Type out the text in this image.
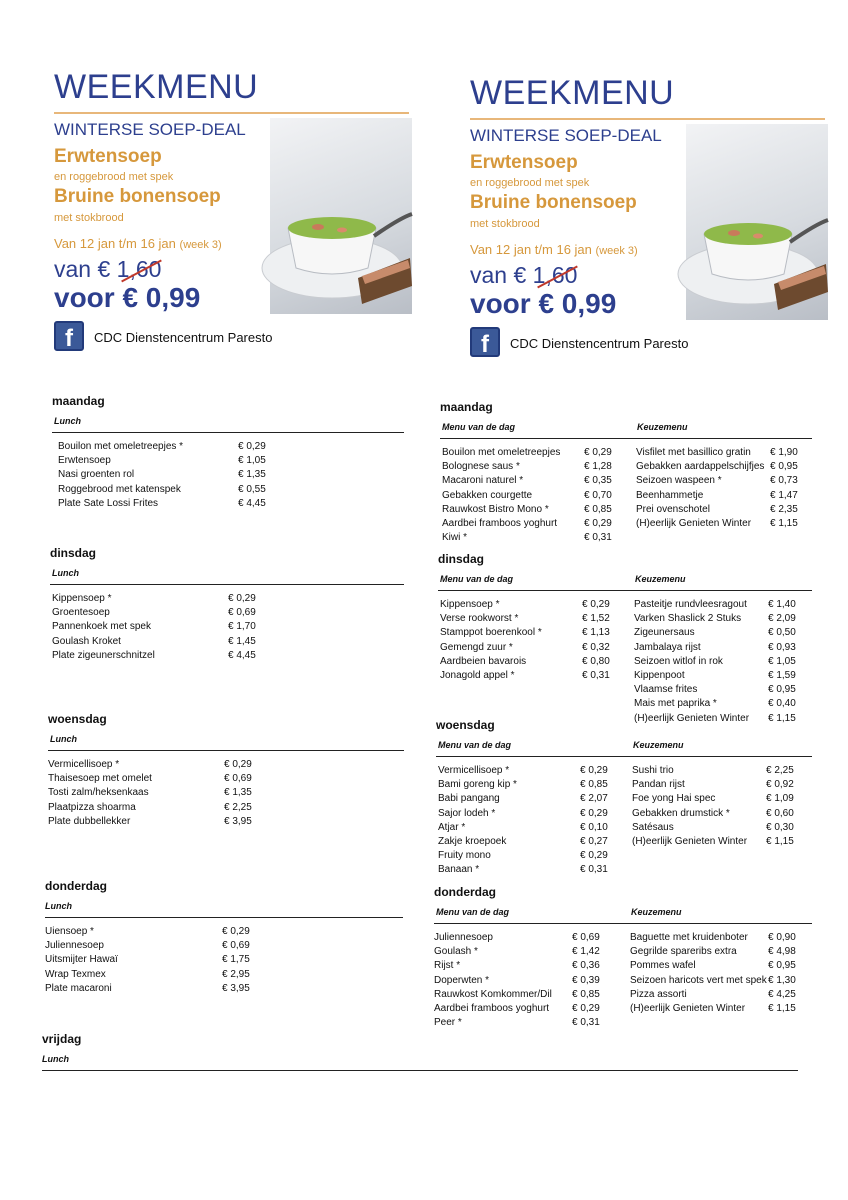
WEEKMENU
WINTERSE SOEP-DEAL
Erwtensoep
en roggebrood met spek
Bruine bonensoep
met stokbrood
Van 12 jan t/m 16 jan (week 3)
van € 1,60
voor € 0,99
f	CDC Dienstencentrum Paresto
WEEKMENU
WINTERSE SOEP-DEAL
Erwtensoep
en roggebrood met spek
Bruine bonensoep
met stokbrood
Van 12 jan t/m 16 jan (week 3)
van € 1,60
voor € 0,99
f	CDC Dienstencentrum Paresto
maandag
Lunch
Bouilon met omeletreepjes *	€ 0,29
Erwtensoep	€ 1,05
Nasi groenten rol	€ 1,35
Roggebrood met katenspek	€ 0,55
Plate Sate Lossi Frites	€ 4,45
dinsdag
Lunch
Kippensoep *	€ 0,29
Groentesoep	€ 0,69
Pannenkoek met spek	€ 1,70
Goulash Kroket	€ 1,45
Plate zigeunerschnitzel	€ 4,45
woensdag
Lunch
Vermicellisoep *	€ 0,29
Thaisesoep met omelet	€ 0,69
Tosti zalm/heksenkaas	€ 1,35
Plaatpizza shoarma	€ 2,25
Plate dubbellekker	€ 3,95
donderdag
Lunch
Uiensoep *	€ 0,29
Juliennesoep	€ 0,69
Uitsmijter Hawaï	€ 1,75
Wrap Texmex	€ 2,95
Plate macaroni	€ 3,95
vrijdag
Lunch
maandag
Menu van de dag	Keuzemenu
Bouilon met omeletreepjes	€ 0,29
Bolognese saus *	€ 1,28
Macaroni naturel *	€ 0,35
Gebakken courgette	€ 0,70
Rauwkost Bistro Mono *	€ 0,85
Aardbei framboos yoghurt	€ 0,29
Kiwi *	€ 0,31
Visfilet met basillico gratin € 1,90
Gebakken aardappelschijfjes € 0,95
Seizoen waspeen *	€ 0,73
Beenhammetje	€ 1,47
Prei ovenschotel	€ 2,35
(H)eerlijk Genieten Winter € 1,15
dinsdag
Menu van de dag	Keuzemenu
Kippensoep *	€ 0,29
Verse rookworst *	€ 1,52
Stamppot boerenkool *	€ 1,13
Gemengd zuur *	€ 0,32
Aardbeien bavarois	€ 0,80
Jonagold appel *	€ 0,31
Pasteitje rundvleesragout € 1,40
Varken Shaslick 2 Stuks	€ 2,09
Zigeunersaus	€ 0,50
Jambalaya rijst	€ 0,93
Seizoen witlof in rok	€ 1,05
Kippenpoot	€ 1,59
Vlaamse frites	€ 0,95
Mais met paprika *	€ 0,40
(H)eerlijk Genieten Winter € 1,15
woensdag
Menu van de dag	Keuzemenu
Vermicellisoep *	€ 0,29
Bami goreng kip *	€ 0,85
Babi pangang	€ 2,07
Sajor lodeh *	€ 0,29
Atjar *	€ 0,10
Zakje kroepoek	€ 0,27
Fruity mono	€ 0,29
Banaan *	€ 0,31
Sushi trio	€ 2,25
Pandan rijst	€ 0,92
Foe yong Hai spec	€ 1,09
Gebakken drumstick *	€ 0,60
Satésaus	€ 0,30
(H)eerlijk Genieten Winter € 1,15
donderdag
Menu van de dag	Keuzemenu
Juliennesoep	€ 0,69
Goulash *	€ 1,42
Rijst *	€ 0,36
Doperwten *	€ 0,39
Rauwkost Komkommer/Dil	€ 0,85
Aardbei framboos yoghurt	€ 0,29
Peer *	€ 0,31
Baguette met kruidenboter € 0,90
Gegrilde spareribs extra	€ 4,98
Pommes wafel	€ 0,95
Seizoen haricots vert met spek € 1,30
Pizza assorti	€ 4,25
(H)eerlijk Genieten Winter € 1,15
